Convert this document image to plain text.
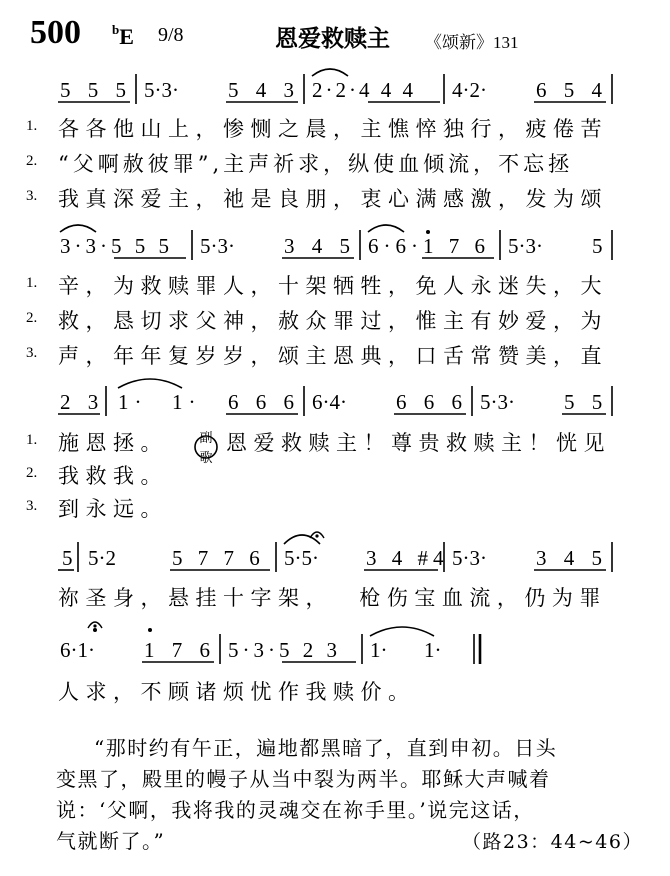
500 $^b$E 9/8	恩爱救赎主 《颂新》131
5 5 5 5·3· 5 4 3 2·2·4 4 4 4·2· 6 5 4
1. 各各他山上，惨恻之晨，主憔悴独行，疲倦苦
2. “父啊赦彼罪”,主声祈求，纵使血倾流，不忘拯
3. 我真深爱主，祂是良朋，衷心满感激，发为颂
3·3·5 5 5 5·3· 3 4 5 6·6·1 7 6 5·3· 5
1. 辛，为救赎罪人，十架牺牲，免人永迷失，大
2. 救，恳切求父神，赦众罪过，惟主有妙爱，为
3. 声，年年复岁岁，颂主恩典，口舌常赞美，直
2 3 1· 1· 6 6 6 6·4· 6 6 6 5·3· 5 5
1. 施恩拯。
2. 我救我。
3. 到永远。
副
歌
恩爱救赎主！尊贵救赎主！恍见
5 5·2	5 7 7 6 5·5· 3 4 #4 5·3· 3 4 5
祢圣身，悬挂十字架，  枪伤宝血流，仍为罪
6·1· 1 7 6 5·3·5 2 3 1· 1·
人求，不顾诸烦忧作我赎价。
“那时约有午正，遍地都黑暗了，直到申初。日头
变黑了，殿里的幔子从当中裂为两半。耶稣大声喊着
说：‘父啊，我将我的灵魂交在祢手里。’说完这话，
气就断了。”	（路23：44~46）
